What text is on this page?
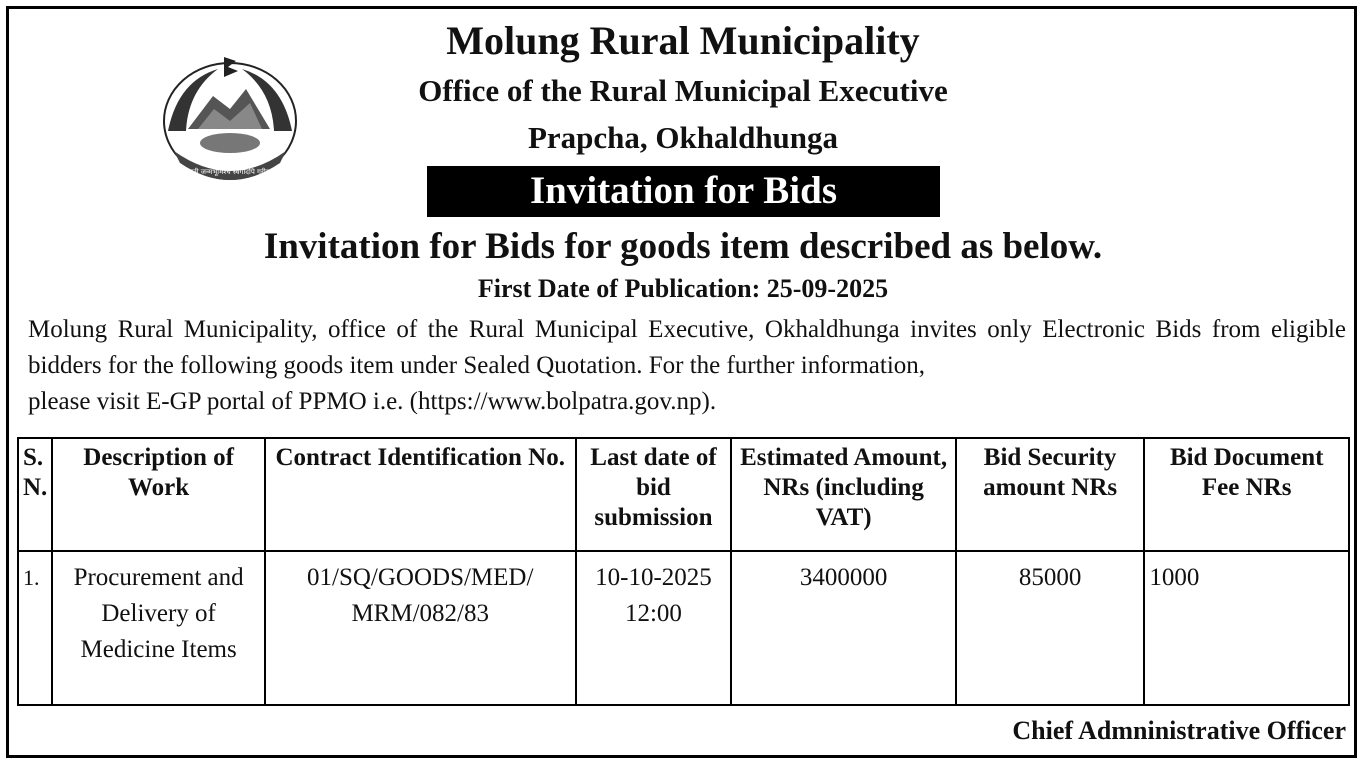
जननी जन्मभूमिश्च स्वर्गादपि गरीयसी
Molung Rural Municipality
Office of the Rural Municipal Executive
Prapcha, Okhaldhunga
Invitation for Bids
Invitation for Bids for goods item described as below.
First Date of Publication: 25-09-2025
Molung Rural Municipality, office of the Rural Municipal Executive, Okhaldhunga invites only Electronic Bids from eligible bidders for the following goods item under Sealed Quotation. For the further information,
please visit E-GP portal of PPMO i.e. (https://www.bolpatra.gov.np).
S. N.	Description of Work	Contract Identification No.	Last date of bid submission	Estimated Amount, NRs (including VAT)	Bid Security amount NRs	Bid Document Fee NRs
1.	Procurement and Delivery of Medicine Items	01/SQ/GOODS/MED/ MRM/082/83	10-10-2025 12:00	3400000	85000	1000
Chief Admninistrative Officer
